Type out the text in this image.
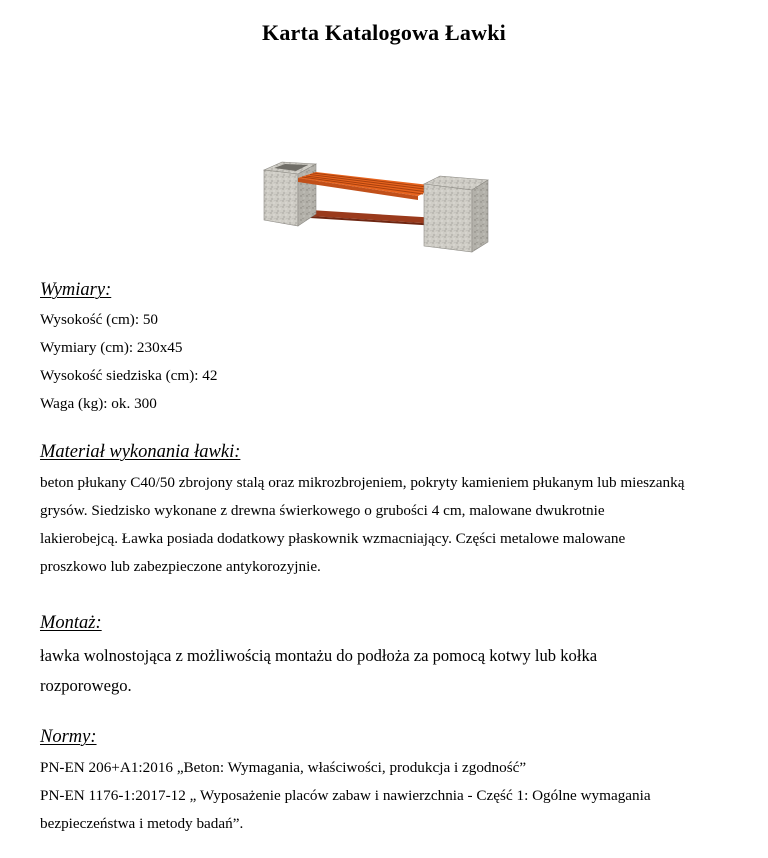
Karta Katalogowa Ławki
Wymiary:
Wysokość (cm): 50
Wymiary (cm): 230x45
Wysokość siedziska (cm): 42
Waga (kg): ok. 300
Materiał wykonania ławki:
beton płukany C40/50 zbrojony stalą oraz mikrozbrojeniem, pokryty kamieniem płukanym lub mieszanką
grysów. Siedzisko wykonane z drewna świerkowego o grubości 4 cm, malowane dwukrotnie
lakierobejcą. Ławka posiada dodatkowy płaskownik wzmacniający. Części metalowe malowane
proszkowo lub zabezpieczone antykorozyjnie.
Montaż:
ławka wolnostojąca z możliwością montażu do podłoża za pomocą kotwy lub kołka
rozporowego.
Normy:
PN-EN 206+A1:2016 „Beton: Wymagania, właściwości, produkcja i zgodność”
PN-EN 1176-1:2017-12 „ Wyposażenie placów zabaw i nawierzchnia - Część 1: Ogólne wymagania
bezpieczeństwa i metody badań”.
